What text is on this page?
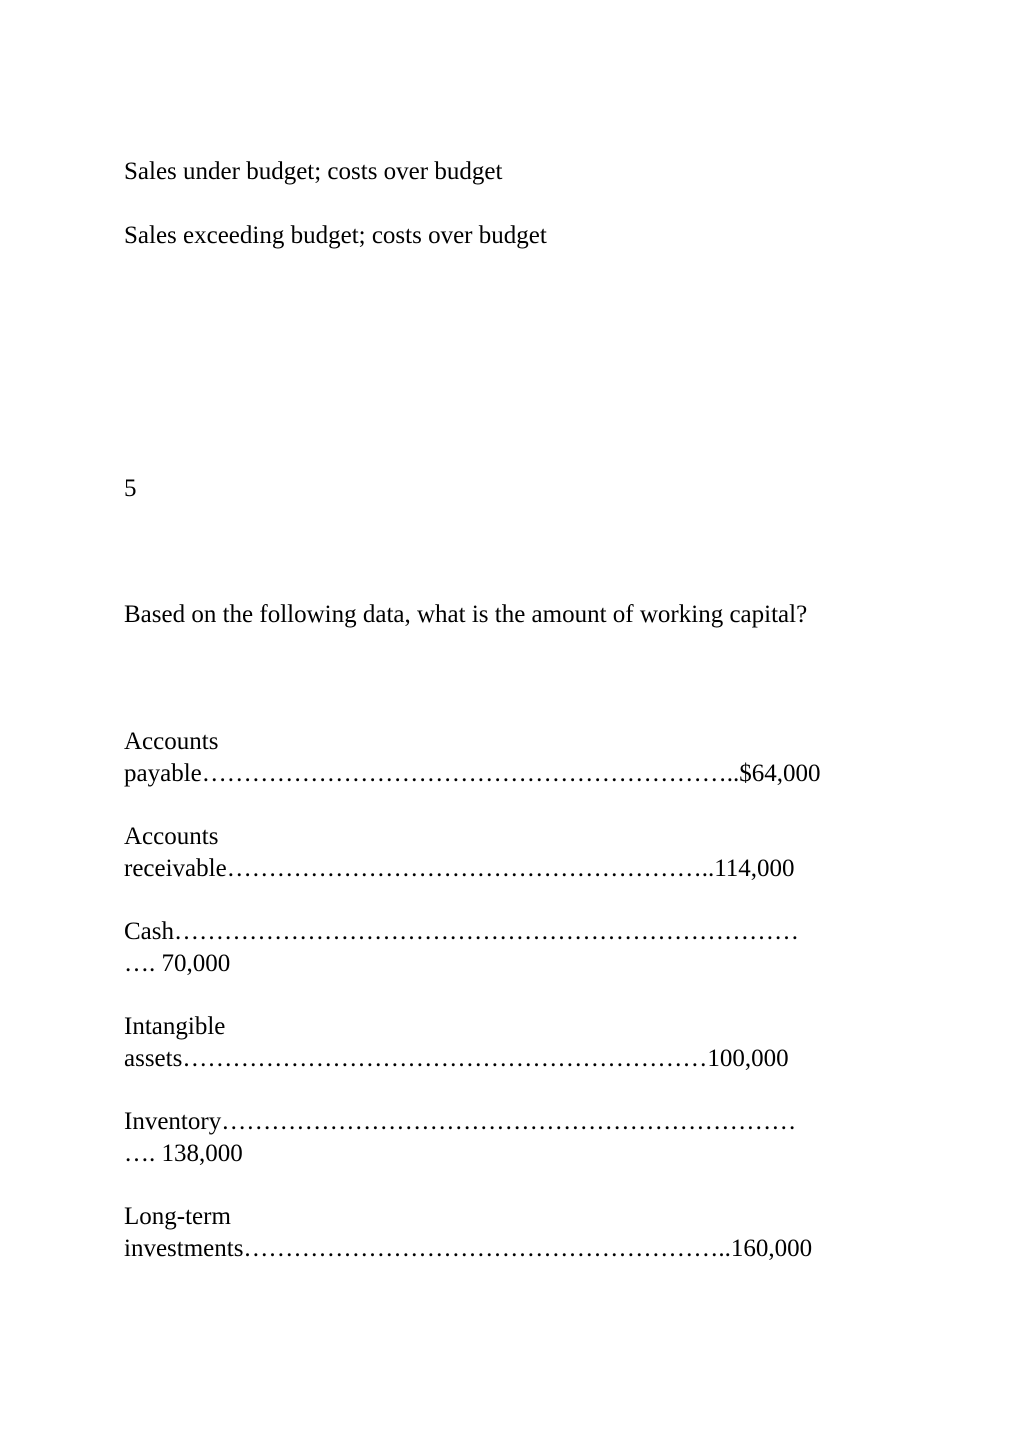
Sales under budget; costs over budget

Sales exceeding budget; costs over budget

5

Based on the following data, what is the amount of working capital?

Accounts
payable………………………………………………………..$64,000
Accounts
receivable…………………………………………………..114,000
Cash…………………………………………………………………
…. 70,000
Intangible
assets………………………………………………………100,000
Inventory……………………………………………………………
…. 138,000
Long-term
investments…………………………………………………..160,000
